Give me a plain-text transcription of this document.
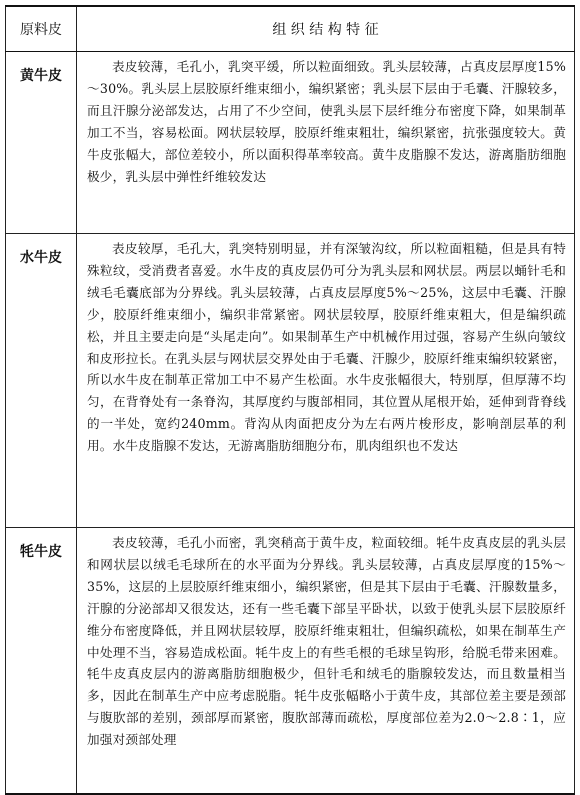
原料皮	组 织 结 构 特 征
黄牛皮	表皮较薄，毛孔小，乳突平缓，所以粒面细致。乳头层较薄，占真皮层厚度15%～30%。乳头层上层胶原纤维束细小，编织紧密；乳头层下层由于毛囊、汗腺较多，而且汗腺分泌部发达，占用了不少空间，使乳头层下层纤维分布密度下降，如果制革加工不当，容易松面。网状层较厚，胶原纤维束粗壮，编织紧密，抗张强度较大。黄牛皮张幅大，部位差较小，所以面积得革率较高。黄牛皮脂腺不发达，游离脂肪细胞极少，乳头层中弹性纤维较发达
水牛皮	表皮较厚，毛孔大，乳突特别明显，并有深皱沟纹，所以粒面粗糙，但是具有特殊粒纹，受消费者喜爱。水牛皮的真皮层仍可分为乳头层和网状层。两层以蛹针毛和绒毛毛囊底部为分界线。乳头层较薄，占真皮层厚度5%～25%，这层中毛囊、汗腺少，胶原纤维束细小，编织非常紧密。网状层较厚，胶原纤维束粗大，但是编织疏松，并且主要走向是“头尾走向”。如果制革生产中机械作用过强，容易产生纵向皱纹和皮形拉长。在乳头层与网状层交界处由于毛囊、汗腺少，胶原纤维束编织较紧密，所以水牛皮在制革正常加工中不易产生松面。水牛皮张幅很大，特别厚，但厚薄不均匀，在背脊处有一条脊沟，其厚度约与腹部相同，其位置从尾根开始，延伸到背脊线的一半处，宽约240mm。背沟从肉面把皮分为左右两片梭形皮，影响剖层革的利用。水牛皮脂腺不发达，无游离脂肪细胞分布，肌肉组织也不发达
牦牛皮	表皮较薄，毛孔小而密，乳突稍高于黄牛皮，粒面较细。牦牛皮真皮层的乳头层和网状层以绒毛毛球所在的水平面为分界线。乳头层较薄，占真皮层厚度的15%～35%，这层的上层胶原纤维束细小，编织紧密，但是其下层由于毛囊、汗腺数量多，汗腺的分泌部却又很发达，还有一些毛囊下部呈平卧状，以致于使乳头层下层胶原纤维分布密度降低，并且网状层较厚，胶原纤维束粗壮，但编织疏松，如果在制革生产中处理不当，容易造成松面。牦牛皮上的有些毛根的毛球呈钩形，给脱毛带来困难。牦牛皮真皮层内的游离脂肪细胞极少，但针毛和绒毛的脂腺较发达，而且数量相当多，因此在制革生产中应考虑脱脂。牦牛皮张幅略小于黄牛皮，其部位差主要是颈部与腹肷部的差别，颈部厚而紧密，腹肷部薄而疏松，厚度部位差为2.0～2.8∶1，应加强对颈部处理
